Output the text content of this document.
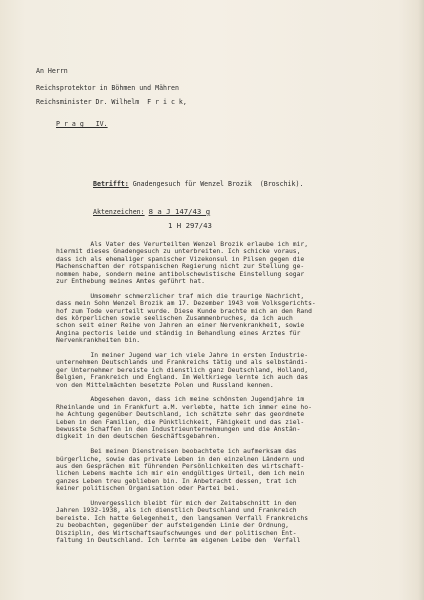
An Herrn
Reichsprotektor in Böhmen und Mähren
Reichsminister Dr. Wilhelm  F r i c k,
P r a g   IV.
Betrifft: Gnadengesuch für Wenzel Brozik  (Broschik).
Aktenzeichen: 8 a J 147/43 g
1 H 297/43
Als Vater des Verurteilten Wenzel Brozik erlaube ich mir,
hiermit dieses Gnadengesuch zu unterbreiten. Ich schicke voraus,
dass ich als ehemaliger spanischer Vizekonsul in Pilsen gegen die
Machenschaften der rotspanischen Regierung nicht zur Stellung ge-
nommen habe, sondern meine antibolschewistische Einstellung sogar
zur Enthebung meines Amtes geführt hat.
Umsomehr schmerzlicher traf mich die traurige Nachricht,
dass mein Sohn Wenzel Brozik am 17. Dezember 1943 vom Volksgerichts-
hof zum Tode verurteilt wurde. Diese Kunde brachte mich an den Rand
des körperlichen sowie seelischen Zusammenbruches, da ich auch
schon seit einer Reihe von Jahren an einer Nervenkrankheit, sowie
Angina pectoris leide und ständig in Behandlung eines Arztes für
Nervenkrankheiten bin.
In meiner Jugend war ich viele Jahre in ersten Industrie-
unternehmen Deutschlands und Frankreichs tätig und als selbständi-
ger Unternehmer bereiste ich dienstlich ganz Deutschland, Holland,
Belgien, Frankreich und England. Im Weltkriege lernte ich auch das
von den Mittelmächten besetzte Polen und Russland kennen.
Abgesehen davon, dass ich meine schönsten Jugendjahre im
Rheinlande und in Frankfurt a.M. verlebte, hatte ich immer eine ho-
he Achtung gegenüber Deutschland, ich schätzte sehr das geordnete
Leben in den Familien, die Pünktlichkeit, Fähigkeit und das ziel-
bewusste Schaffen in den Industrieunternehmungen und die Anstän-
digkeit in den deutschen Geschäftsgebahren.
Bei meinen Dienstreisen beobachtete ich aufmerksam das
bürgerliche, sowie das private Leben in den einzelnen Ländern und
aus den Gesprächen mit führenden Persönlichkeiten des wirtschaft-
lichen Lebens machte ich mir ein endgültiges Urteil, dem ich mein
ganzes Leben treu geblieben bin. In Anbetracht dessen, trat ich
keiner politischen Organisation oder Partei bei.
Unvergesslich bleibt für mich der Zeitabschnitt in den
Jahren 1932-1938, als ich dienstlich Deutschland und Frankreich
bereiste. Ich hatte Gelegenheit, den langsamen Verfall Frankreichs
zu beobachten, gegenüber der aufsteigenden Linie der Ordnung,
Disziplin, des Wirtschaftsaufschwunges und der politischen Ent-
faltung in Deutschland. Ich lernte am eigenen Leibe den  Verfall
